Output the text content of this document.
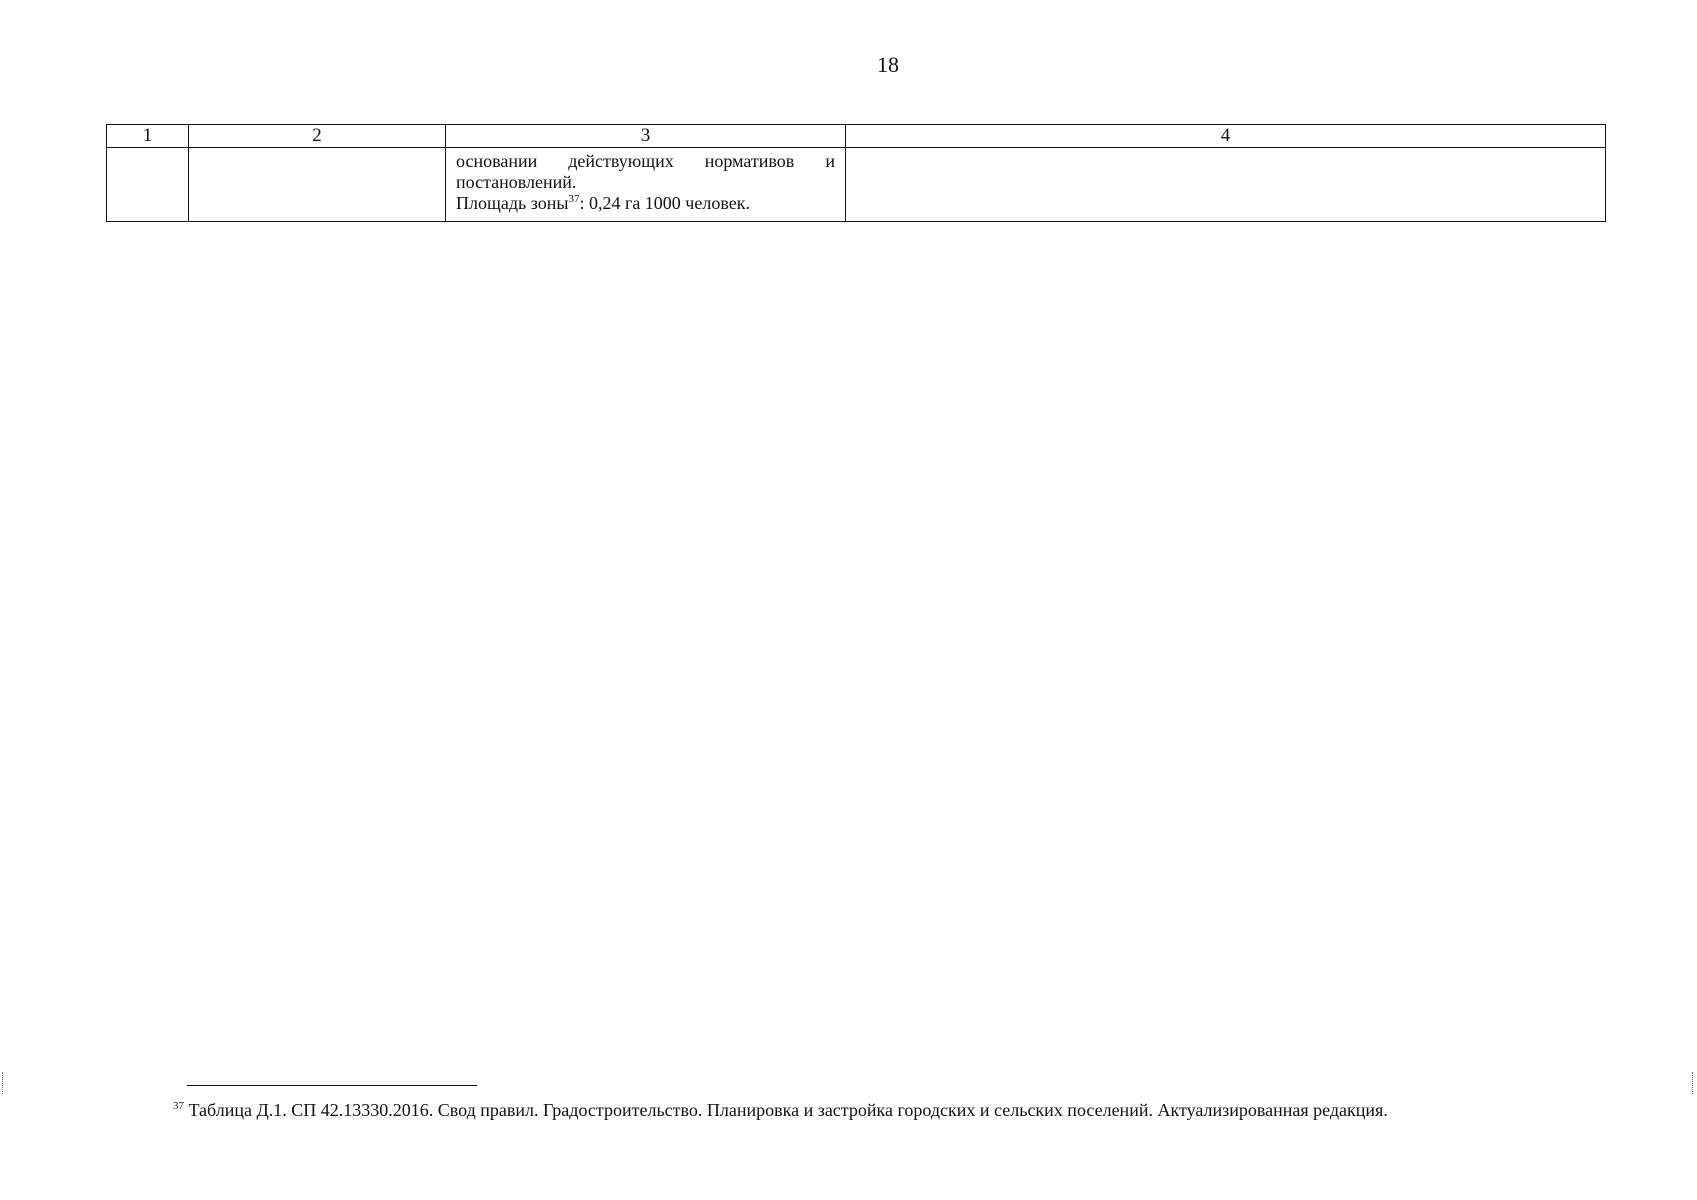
18
1	2	3	4

		основании действующих нормативов и
постановлений.
Площадь зоны$^{37}$: 0,24 га 1000 человек.	

$^{37}$ Таблица Д.1. СП 42.13330.2016. Свод правил. Градостроительство. Планировка и застройка городских и сельских поселений. Актуализированная редакция.
